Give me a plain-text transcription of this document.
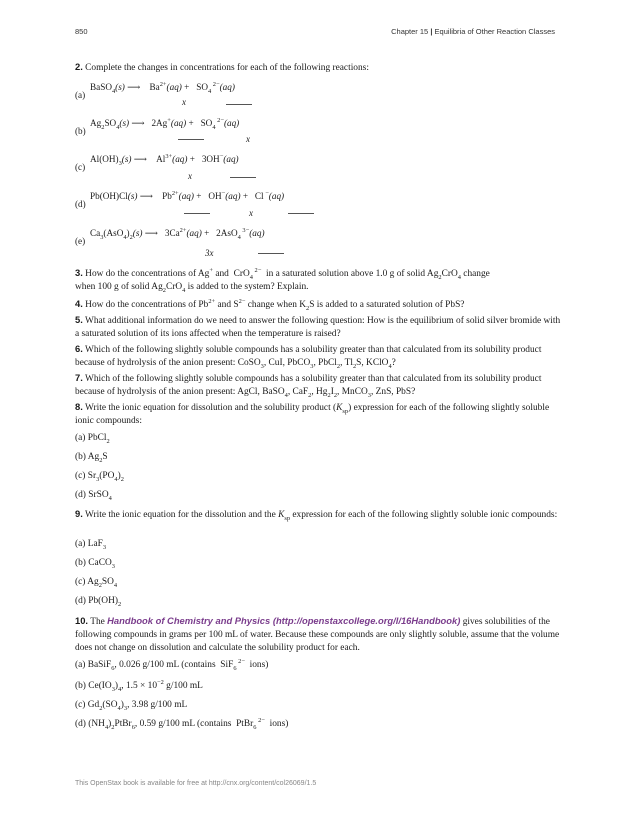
850	Chapter 15 | Equilibria of Other Reaction Classes
2. Complete the changes in concentrations for each of the following reactions:
(a)
BaSO$_4$(s) ⟶    $Ba^{2+}(aq) + SO_4$ $^{2-}$(aq)
x
(b)
$Ag_2SO_4(s)$ ⟶   $2Ag^+(aq) + SO_4$ $^{2-}$(aq)
x
(c)
$Al(OH)_3(s)$ ⟶    $Al^{3+}(aq) + 3OH^-(aq)$
x
(d)
Pb(OH)Cl(s) ⟶    $Pb^{2+}(aq) + OH^-(aq) + Cl$ −(aq)
x
(e)
$Ca_3(AsO_4)_2(s)$ ⟶   $3Ca^{2+}(aq) + 2AsO_4$ $^{3-}$(aq)
3x
3. How do the concentrations of Ag+ and  CrO$_4$ $^{2-}$ in a saturated solution above 1.0 g of solid $Ag_2CrO_4$ change
when 100 g of solid $Ag_2CrO_4$ is added to the system? Explain.
4. How do the concentrations of $Pb^{2+}$ and $S^{2-}$ change when $K_2S$ is added to a saturated solution of PbS?
5. What additional information do we need to answer the following question: How is the equilibrium of solid silver bromide with a saturated solution of its ions affected when the temperature is raised?
6. Which of the following slightly soluble compounds has a solubility greater than that calculated from its solubility product because of hydrolysis of the anion present: CoSO$_3$, CuI, PbCO$_3$, PbCl$_2$, $Tl_2S$, KClO$_4$?
7. Which of the following slightly soluble compounds has a solubility greater than that calculated from its solubility product because of hydrolysis of the anion present: AgCl, BaSO$_4$, CaF$_2$, $Hg_2I_2$, MnCO$_3$, ZnS, PbS?
8. Write the ionic equation for dissolution and the solubility product $(K_{sp})$ expression for each of the following slightly soluble ionic compounds:
(a) PbCl$_2$
(b) $Ag_2S$
(c) $Sr_3(PO_4)_2$
(d) SrSO$_4$
9. Write the ionic equation for the dissolution and the $K_{sp}$ expression for each of the following slightly soluble ionic compounds:
(a) LaF$_3$
(b) CaCO$_3$
(c) $Ag_2SO_4$
(d) $Pb(OH)_2$
10. The Handbook of Chemistry and Physics (http://openstaxcollege.org/l/16Handbook) gives solubilities of the following compounds in grams per 100 mL of water. Because these compounds are only slightly soluble, assume that the volume does not change on dissolution and calculate the solubility product for each.
(a) BaSiF$_6$, 0.026 g/100 mL (contains  SiF$_6$ $^{2-}$ ions)
(b) $Ce(IO_3)_4$, $1.5 \times 10^{-2}$ g/100 mL
(c) $Gd_2(SO_4)_3$, 3.98 g/100 mL
(d) $(NH_4)_2PtBr_6$, 0.59 g/100 mL (contains  PtBr$_6$ $^{2-}$ ions)
This OpenStax book is available for free at http://cnx.org/content/col26069/1.5
